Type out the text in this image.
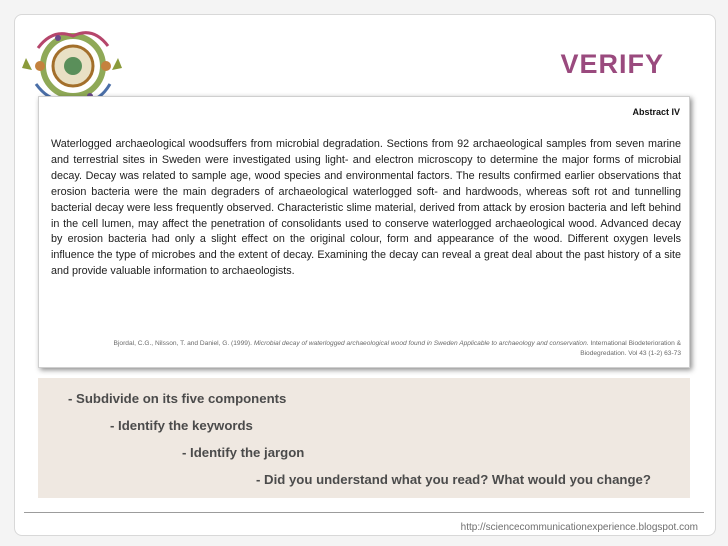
VERIFY
Abstract IV
Waterlogged archaeological woodsuffers from microbial degradation. Sections from 92 archaeological samples from seven marine and terrestrial sites in Sweden were investigated using light- and electron microscopy to determine the major forms of microbial decay. Decay was related to sample age, wood species and environmental factors. The results confirmed earlier observations that erosion bacteria were the main degraders of archaeological waterlogged soft- and hardwoods, whereas soft rot and tunnelling bacterial decay were less frequently observed. Characteristic slime material, derived from attack by erosion bacteria and left behind in the cell lumen, may affect the penetration of consolidants used to conserve waterlogged archaeological wood. Advanced decay by erosion bacteria had only a slight effect on the original colour, form and appearance of the wood. Different oxygen levels influence the type of microbes and the extent of decay. Examining the decay can reveal a great deal about the past history of a site and provide valuable information to archaeologists.
Bjordal, C.G., Nilsson, T. and Daniel, G. (1999). Microbial decay of waterlogged archaeological wood found in Sweden Applicable to archaeology and conservation. International Biodeterioration & Biodegredation. Vol 43 (1-2) 63-73
- Subdivide on its five components
- Identify the keywords
- Identify the jargon
- Did you understand what you read? What would you change?
http://sciencecommunicationexperience.blogspot.com
